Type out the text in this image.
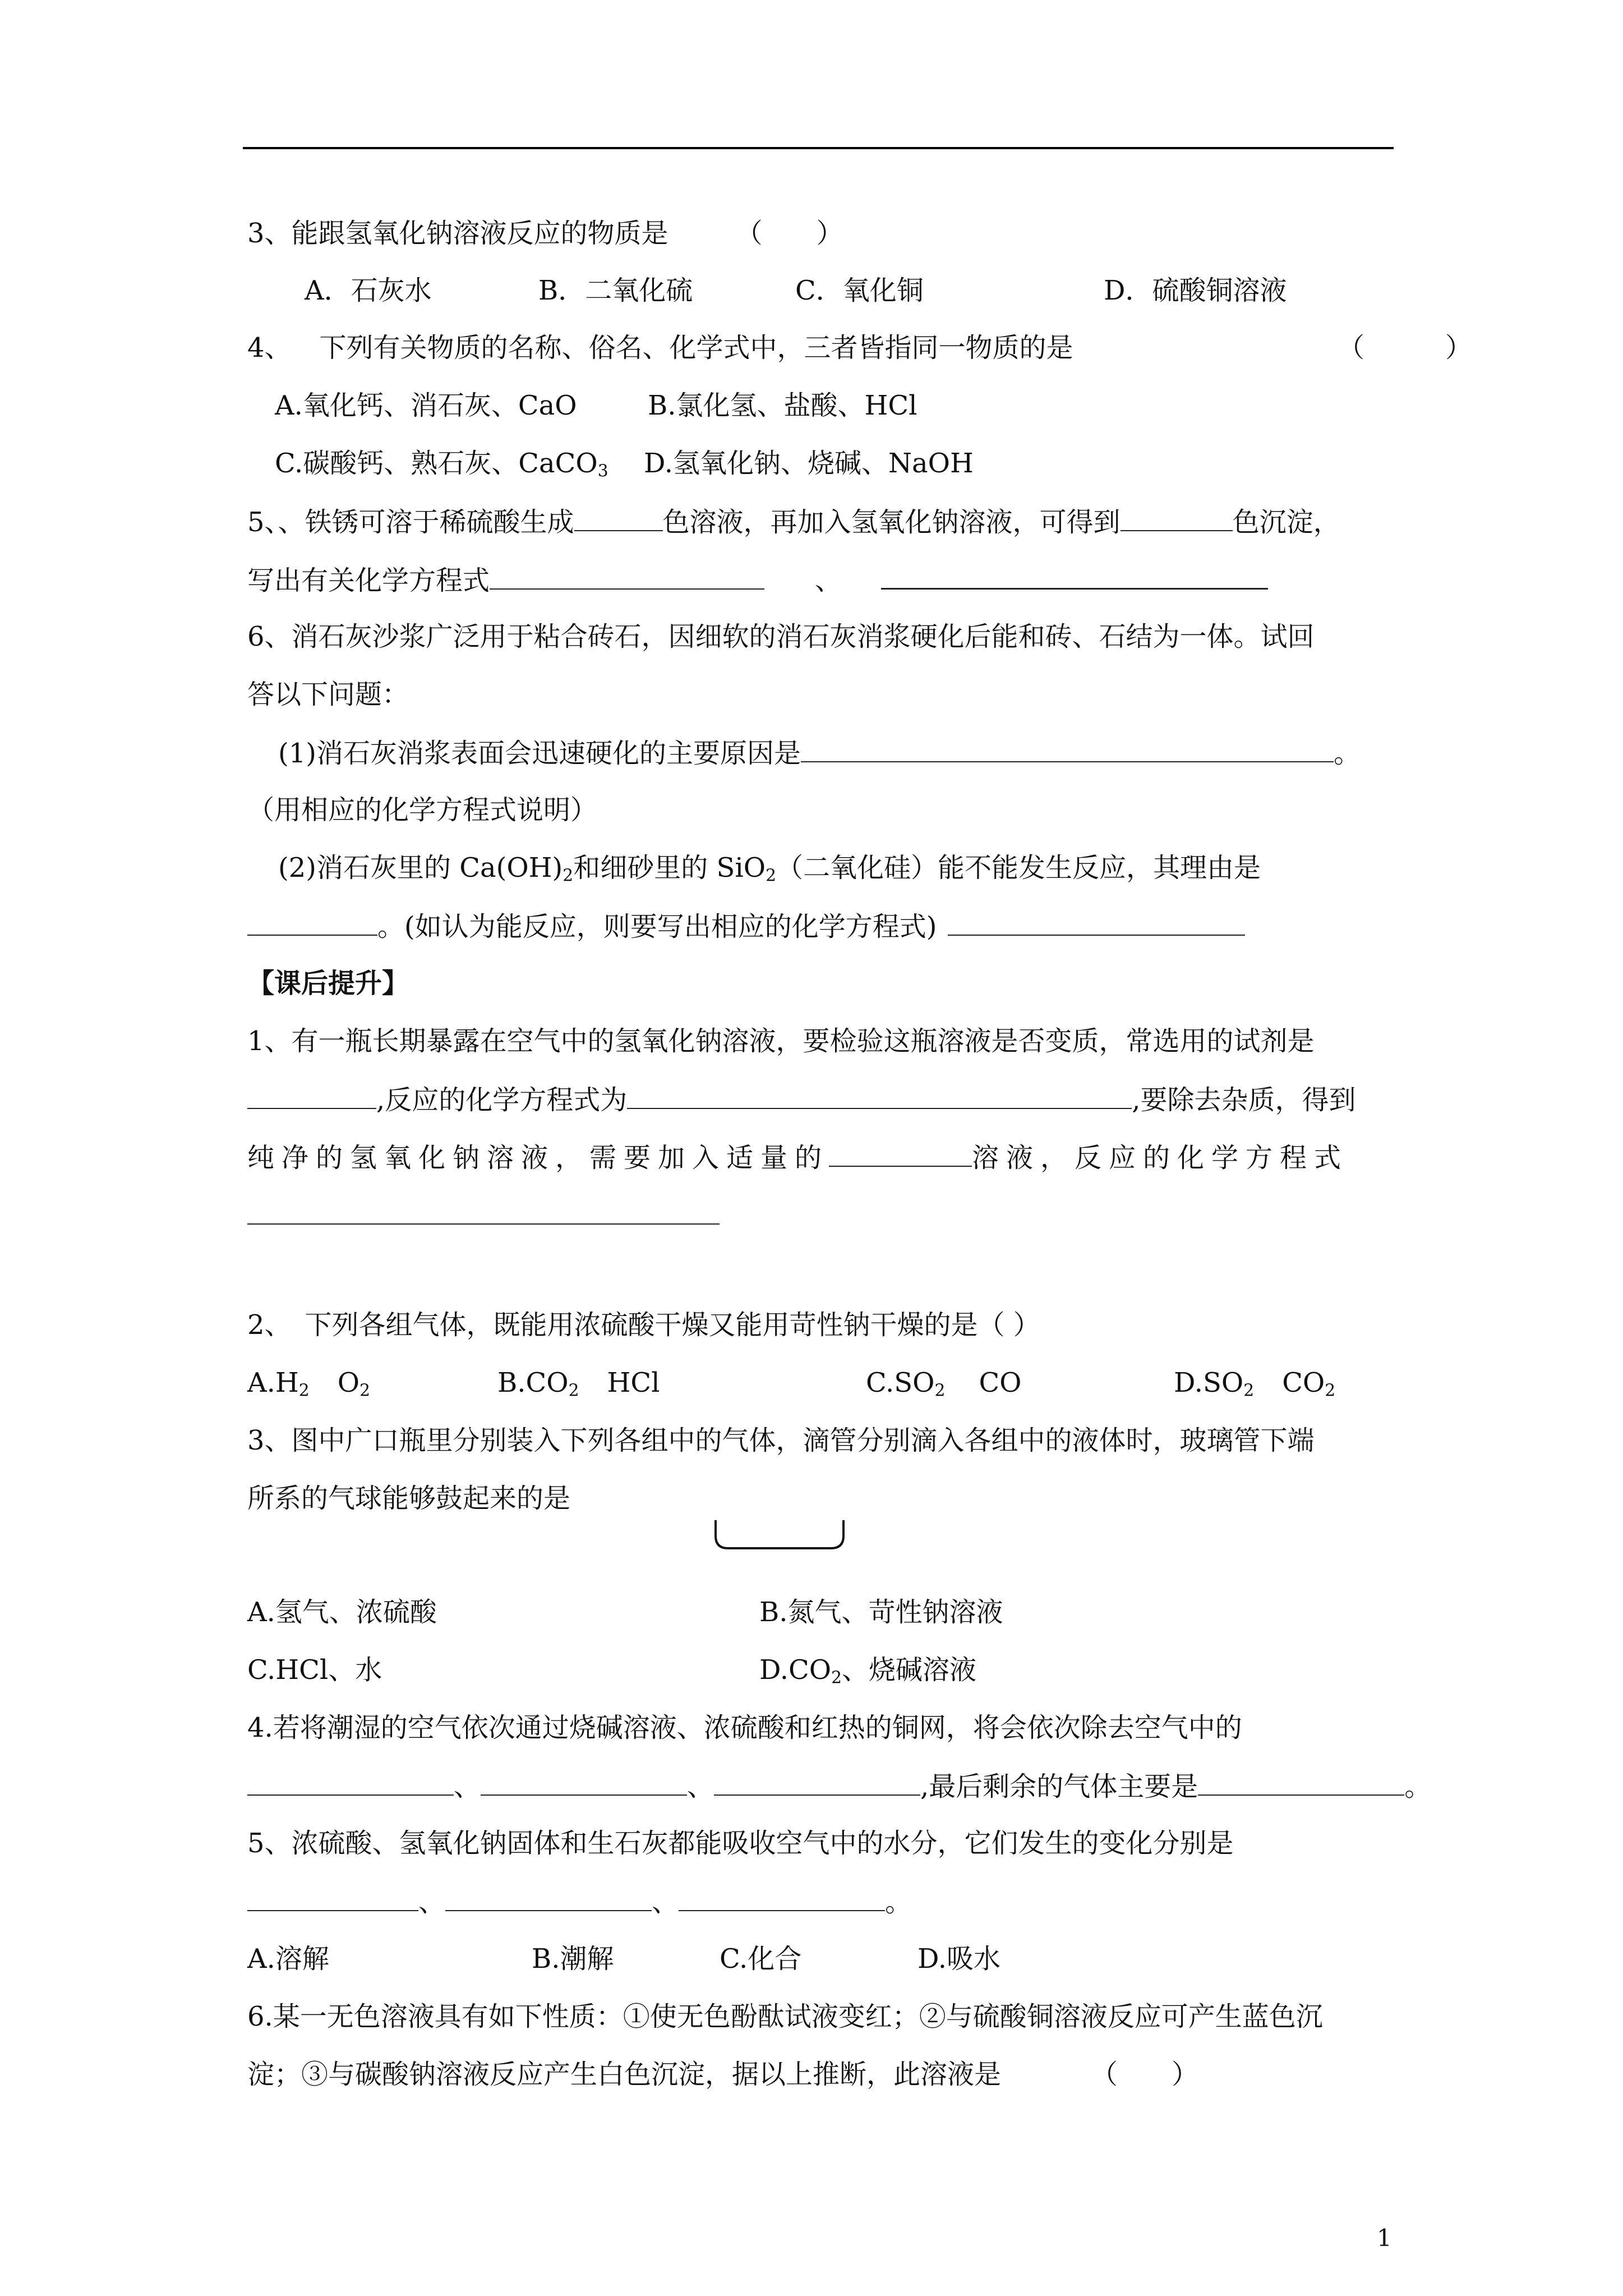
3、能跟氢氧化钠溶液反应的物质是	（　　）
A．石灰水	B．二氧化硫	C．氧化铜	D．硫酸铜溶液
4、 下列有关物质的名称、俗名、化学式中，三者皆指同一物质的是	（　　　）
A.氧化钙、消石灰、CaO	B.氯化氢、盐酸、HCl
C.碳酸钙、熟石灰、CaCO$_3$ D.氢氧化钠、烧碱、NaOH
5、、铁锈可溶于稀硫酸生成	色溶液，再加入氢氧化钠溶液，可得到	色沉淀，
写出有关化学方程式	、
6、消石灰沙浆广泛用于粘合砖石，因细软的消石灰消浆硬化后能和砖、石结为一体。试回
答以下问题：
(1)消石灰消浆表面会迅速硬化的主要原因是	。
（用相应的化学方程式说明）
(2)消石灰里的 $Ca(OH)_2$和细砂里的 SiO$_2$（二氧化硅）能不能发生反应，其理由是
。(如认为能反应，则要写出相应的化学方程式)
【课后提升】
1、有一瓶长期暴露在空气中的氢氧化钠溶液，要检验这瓶溶液是否变质，常选用的试剂是
,反应的化学方程式为	,要除去杂质，得到
纯净的氢氧化钠溶液，需要加入适量的	溶液，反应的化学方程式
2、　下列各组气体，既能用浓硫酸干燥又能用苛性钠干燥的是（ ）
$A.H_2$ $O_2$	$B.CO_2$ HCl	$C.SO_2$ CO	$D.SO_2$ $CO_2$
3、图中广口瓶里分别装入下列各组中的气体，滴管分别滴入各组中的液体时，玻璃管下端
所系的气球能够鼓起来的是
A.氢气、浓硫酸	B.氮气、苛性钠溶液
C.HCl、水	$D.CO_2$、烧碱溶液
4.若将潮湿的空气依次通过烧碱溶液、浓硫酸和红热的铜网，将会依次除去空气中的
、	、	,最后剩余的气体主要是	。
5、浓硫酸、氢氧化钠固体和生石灰都能吸收空气中的水分，它们发生的变化分别是
、	、	。
A.溶解	B.潮解	C.化合	D.吸水
6.某一无色溶液具有如下性质：①使无色酚酞试液变红；②与硫酸铜溶液反应可产生蓝色沉
淀；③与碳酸钠溶液反应产生白色沉淀，据以上推断，此溶液是	（　　）
1
